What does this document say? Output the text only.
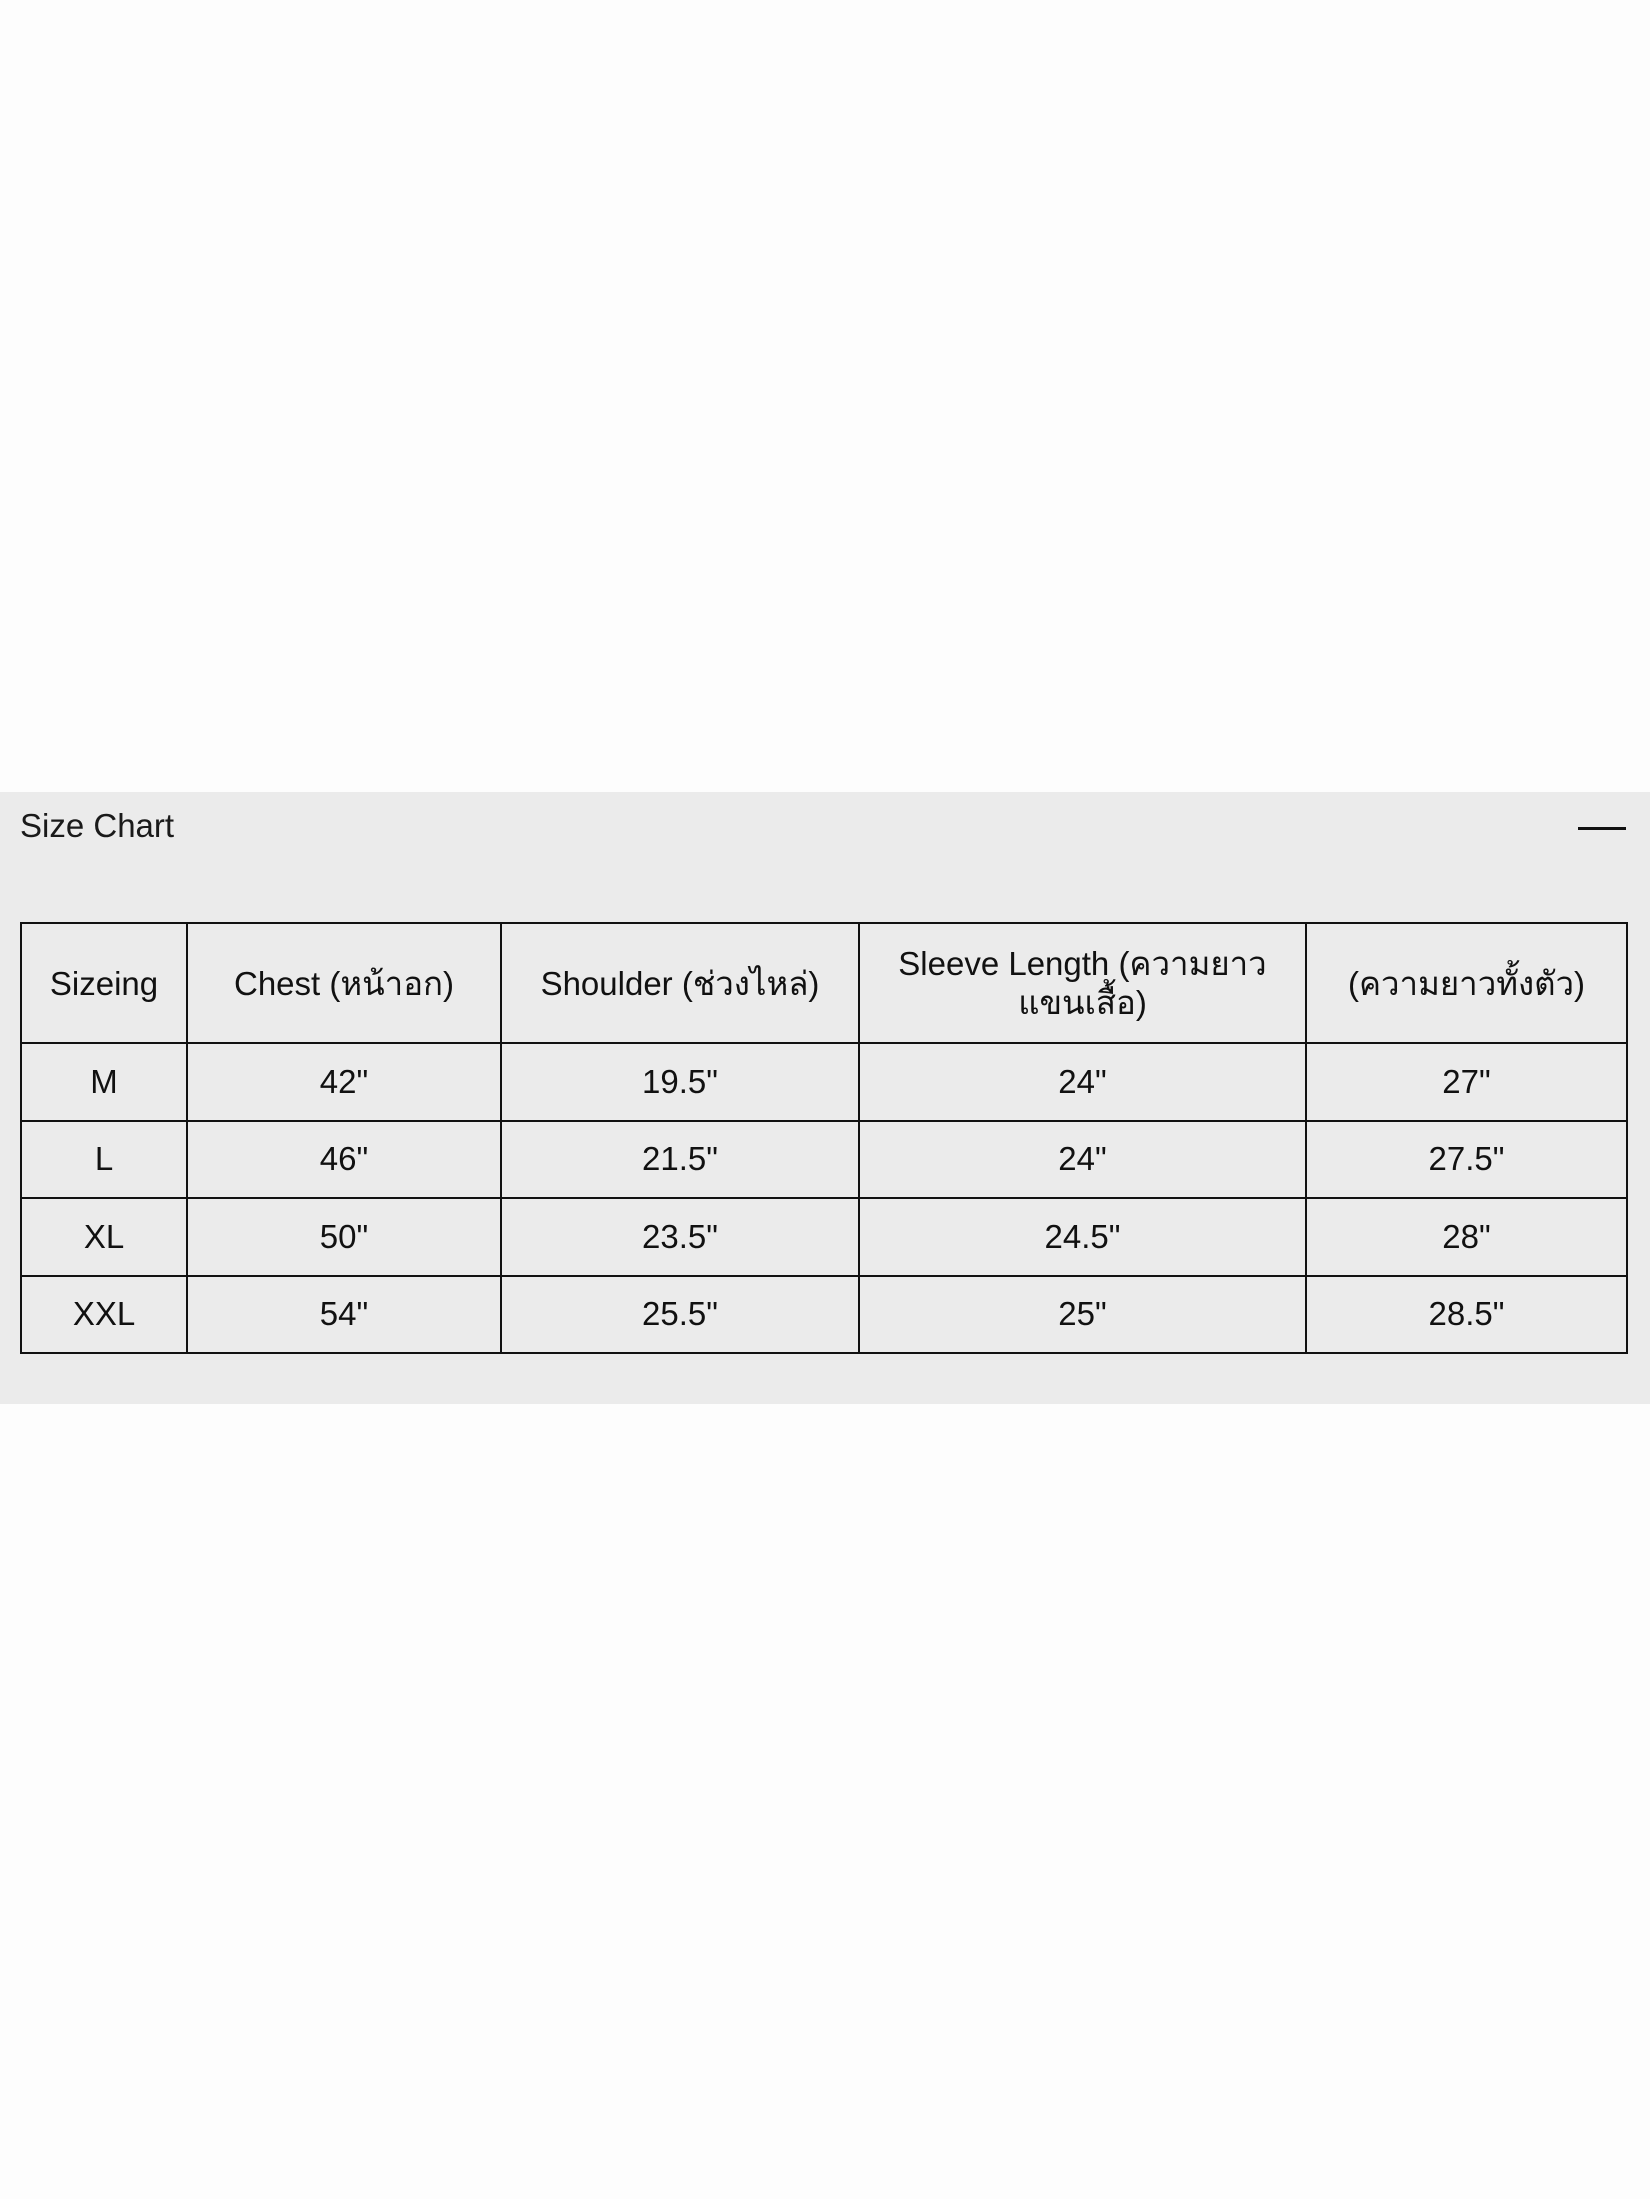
Size Chart
Sizeing	Chest (หน้าอก)	Shoulder (ช่วงไหล่)	Sleeve Length (ความยาวแขนเสื้อ)	(ความยาวทั้งตัว)
M	42"	19.5"	24"	27"
L	46"	21.5"	24"	27.5"
XL	50"	23.5"	24.5"	28"
XXL	54"	25.5"	25"	28.5"
